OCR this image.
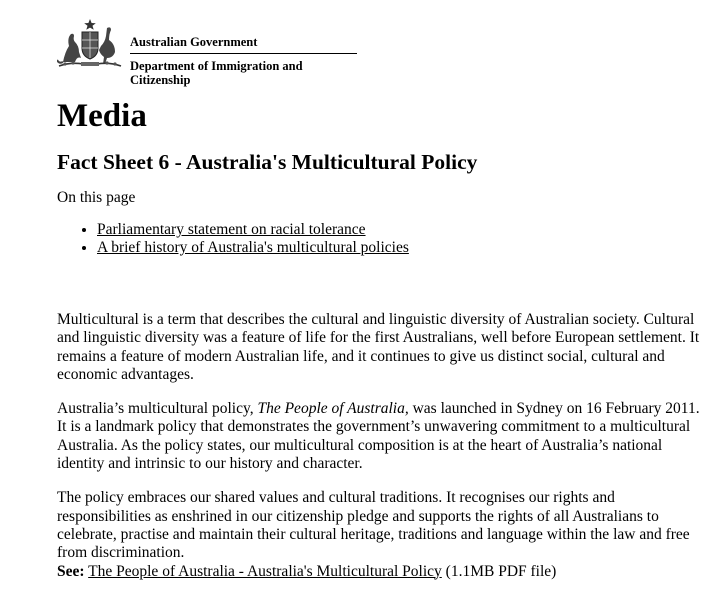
Australian Government
Department of Immigration and Citizenship
Media
Fact Sheet 6 - Australia's Multicultural Policy

On this page

• Parliamentary statement on racial tolerance
• A brief history of Australia's multicultural policies

Multicultural is a term that describes the cultural and linguistic diversity of Australian society. Cultural and linguistic diversity was a feature of life for the first Australians, well before European settlement. It remains a feature of modern Australian life, and it continues to give us distinct social, cultural and economic advantages.

Australia’s multicultural policy, The People of Australia, was launched in Sydney on 16 February 2011. It is a landmark policy that demonstrates the government’s unwavering commitment to a multicultural Australia. As the policy states, our multicultural composition is at the heart of Australia’s national identity and intrinsic to our history and character.

The policy embraces our shared values and cultural traditions. It recognises our rights and responsibilities as enshrined in our citizenship pledge and supports the rights of all Australians to celebrate, practise and maintain their cultural heritage, traditions and language within the law and free from discrimination.

See: The People of Australia - Australia's Multicultural Policy (1.1MB PDF file)
